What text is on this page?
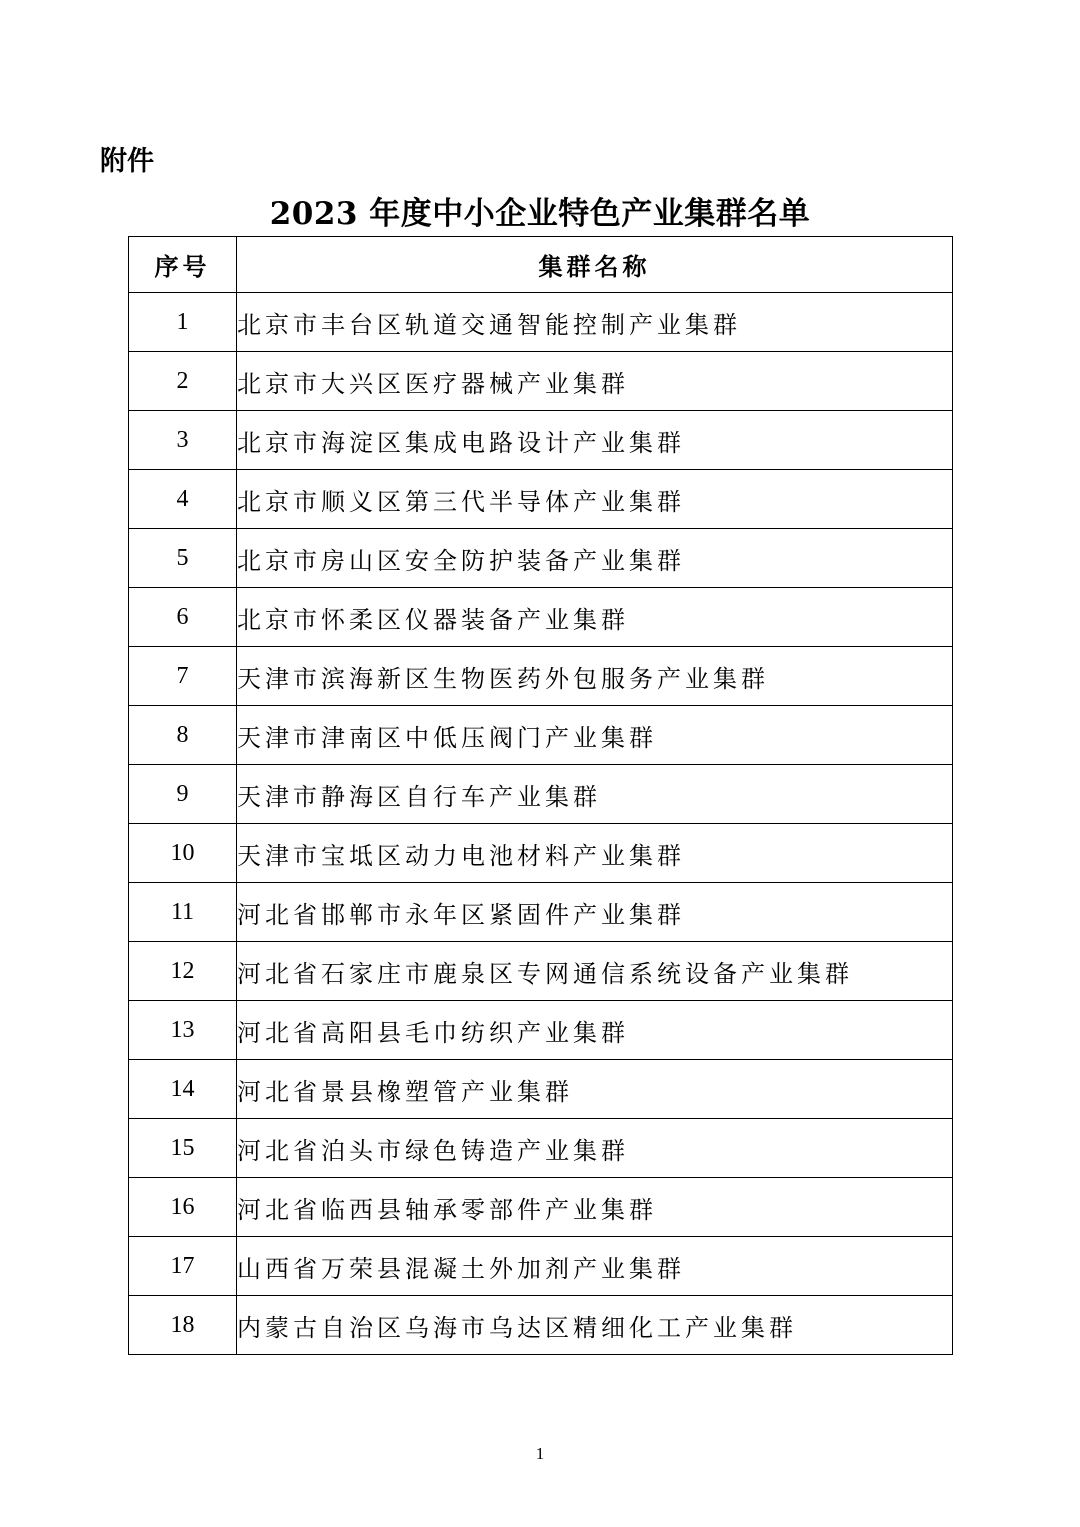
附件
2023 年度中小企业特色产业集群名单
序号	集群名称
1	北京市丰台区轨道交通智能控制产业集群
2	北京市大兴区医疗器械产业集群
3	北京市海淀区集成电路设计产业集群
4	北京市顺义区第三代半导体产业集群
5	北京市房山区安全防护装备产业集群
6	北京市怀柔区仪器装备产业集群
7	天津市滨海新区生物医药外包服务产业集群
8	天津市津南区中低压阀门产业集群
9	天津市静海区自行车产业集群
10	天津市宝坻区动力电池材料产业集群
11	河北省邯郸市永年区紧固件产业集群
12	河北省石家庄市鹿泉区专网通信系统设备产业集群
13	河北省高阳县毛巾纺织产业集群
14	河北省景县橡塑管产业集群
15	河北省泊头市绿色铸造产业集群
16	河北省临西县轴承零部件产业集群
17	山西省万荣县混凝土外加剂产业集群
18	内蒙古自治区乌海市乌达区精细化工产业集群
1
